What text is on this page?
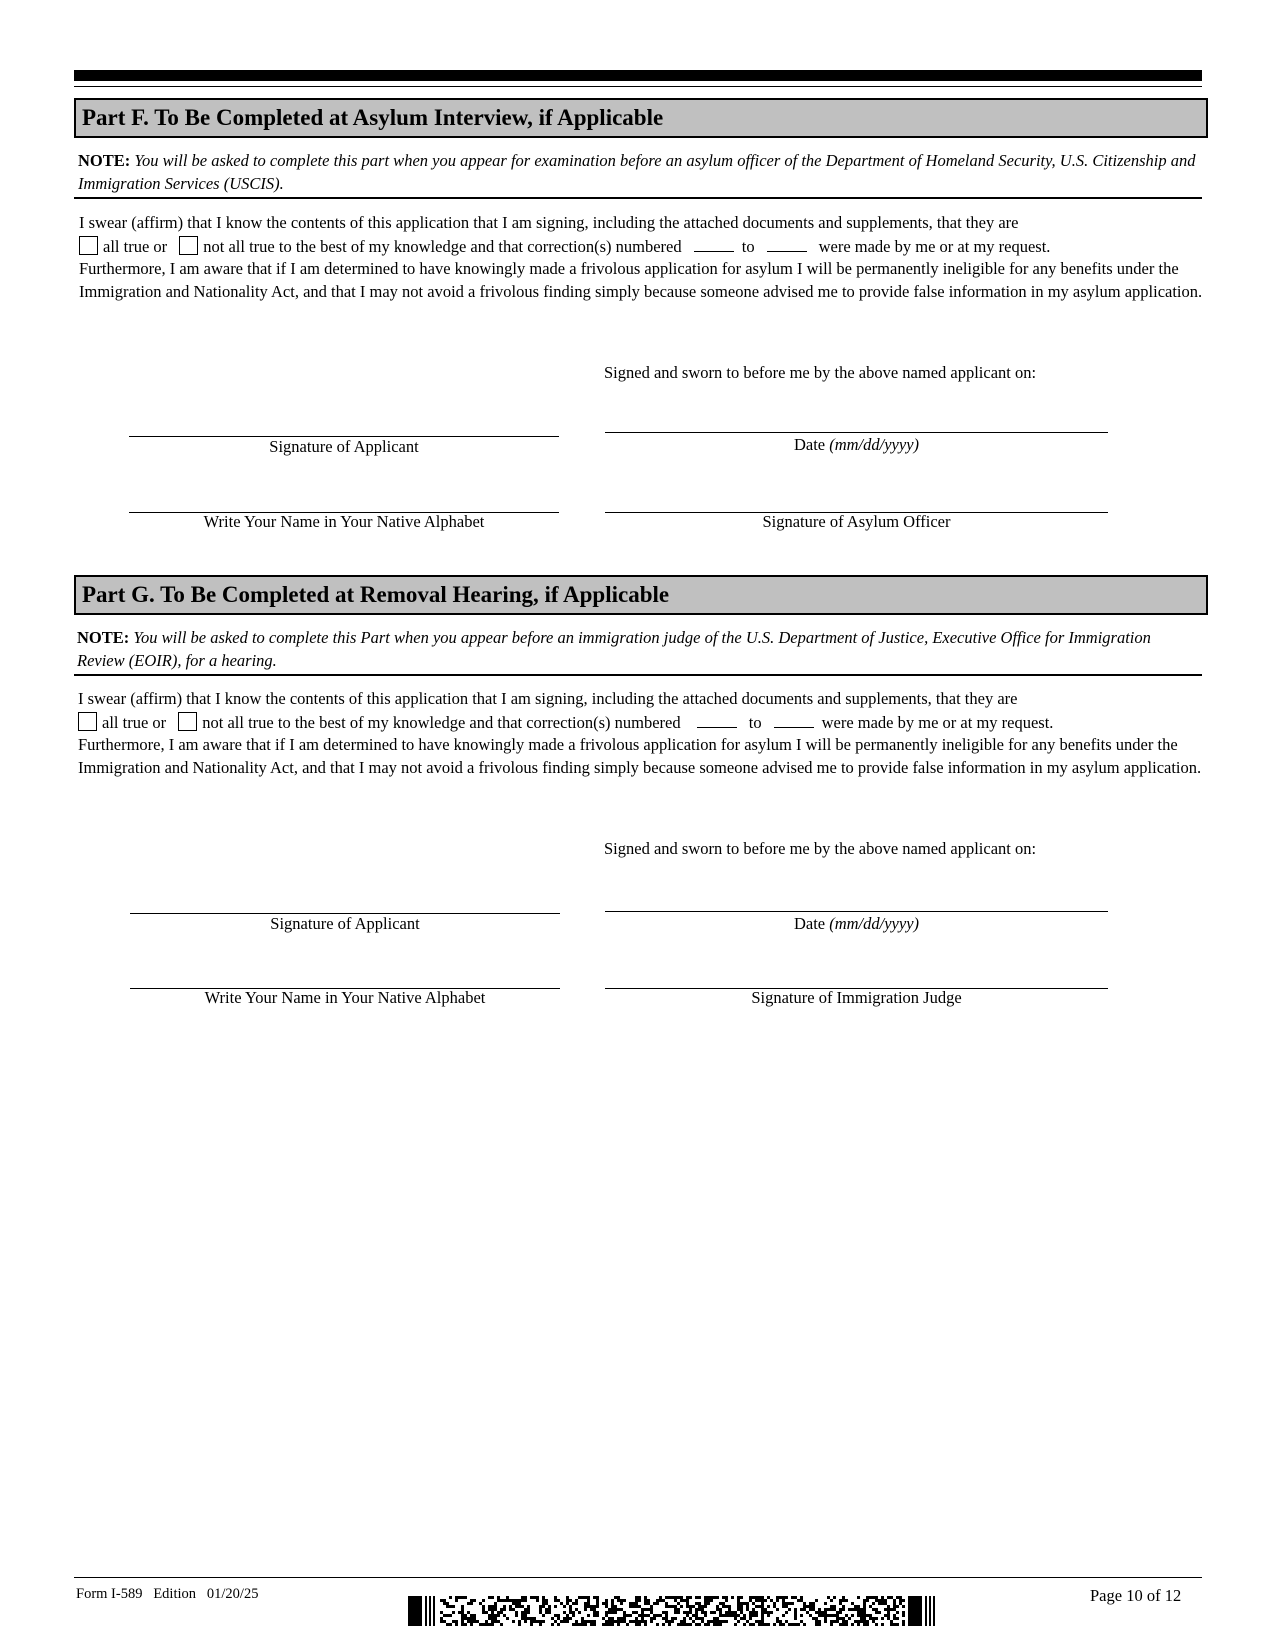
Part F. To Be Completed at Asylum Interview, if Applicable
NOTE: You will be asked to complete this part when you appear for examination before an asylum officer of the Department of Homeland Security, U.S. Citizenship and Immigration Services (USCIS).
I swear (affirm) that I know the contents of this application that I am signing, including the attached documents and supplements, that they are
all true or not all true to the best of my knowledge and that correction(s) numbered	to	were made by me or at my request.
Furthermore, I am aware that if I am determined to have knowingly made a frivolous application for asylum I will be permanently ineligible for any benefits under the Immigration and Nationality Act, and that I may not avoid a frivolous finding simply because someone advised me to provide false information in my asylum application.
Signed and sworn to before me by the above named applicant on:
Signature of Applicant	Date (mm/dd/yyyy)
Write Your Name in Your Native Alphabet	Signature of Asylum Officer
Part G. To Be Completed at Removal Hearing, if Applicable
NOTE: You will be asked to complete this Part when you appear before an immigration judge of the U.S. Department of Justice, Executive Office for Immigration Review (EOIR), for a hearing.
I swear (affirm) that I know the contents of this application that I am signing, including the attached documents and supplements, that they are
all true or not all true to the best of my knowledge and that correction(s) numbered	to	were made by me or at my request.
Furthermore, I am aware that if I am determined to have knowingly made a frivolous application for asylum I will be permanently ineligible for any benefits under the Immigration and Nationality Act, and that I may not avoid a frivolous finding simply because someone advised me to provide false information in my asylum application.
Signed and sworn to before me by the above named applicant on:
Signature of Applicant	Date (mm/dd/yyyy)
Write Your Name in Your Native Alphabet	Signature of Immigration Judge
Form I-589   Edition   01/20/25	Page 10 of 12
